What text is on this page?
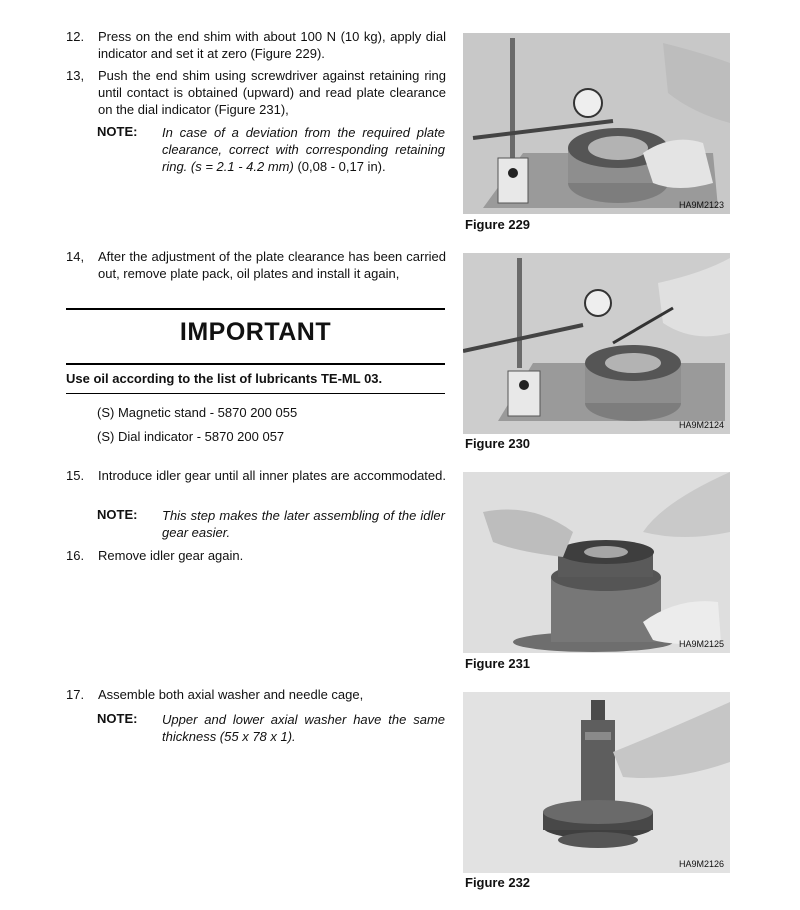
12. Press on the end shim with about 100 N (10 kg), apply dial indicator and set it at zero (Figure 229).
13, Push the end shim using screwdriver against retaining ring until contact is obtained (upward) and read plate clearance on the dial indicator (Figure 231),
NOTE: In case of a deviation from the required plate clearance, correct with corresponding retaining ring. (s = 2.1 - 4.2 mm) (0,08 - 0,17 in).
14, After the adjustment of the plate clearance has been carried out, remove plate pack, oil plates and install it again,
IMPORTANT
Use oil according to the list of lubricants TE-ML 03.
(S) Magnetic stand - 5870 200 055
(S) Dial indicator - 5870 200 057
15. Introduce idler gear until all inner plates are accommodated.
NOTE: This step makes the later assembling of the idler gear easier.
16. Remove idler gear again.
17. Assemble both axial washer and needle cage,
NOTE: Upper and lower axial washer have the same thickness (55 x 78 x 1).
HA9M2123
Figure 229
HA9M2124
Figure 230
HA9M2125
Figure 231
HA9M2126
Figure 232
